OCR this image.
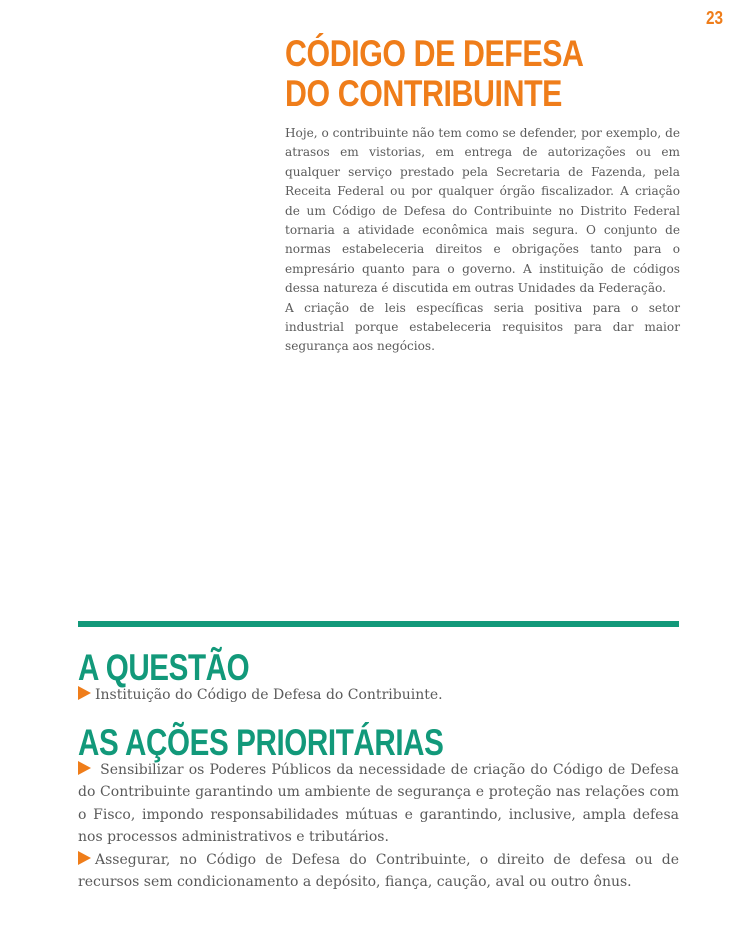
23
CÓDIGO DE DEFESA
DO CONTRIBUINTE

Hoje, o contribuinte não tem como se defender, por exemplo, de atrasos em vistorias, em entrega de autorizações ou em qualquer serviço prestado pela Secretaria de Fazenda, pela Receita Federal ou por qualquer órgão fiscalizador. A criação de um Código de Defesa do Contribuinte no Distrito Federal tornaria a atividade econômica mais segura. O conjunto de normas estabeleceria direitos e obrigações tanto para o empresário quanto para o governo. A instituição de códigos dessa natureza é discutida em outras Unidades da Federação.

A criação de leis específicas seria positiva para o setor industrial porque estabeleceria requisitos para dar maior segurança aos negócios.

A QUESTÃO

Instituição do Código de Defesa do Contribuinte.

AS AÇÕES PRIORITÁRIAS

Sensibilizar os Poderes Públicos da necessidade de criação do Código de Defesa do Contribuinte garantindo um ambiente de segurança e proteção nas relações com o Fisco, impondo responsabilidades mútuas e garantindo, inclusive, ampla defesa nos processos administrativos e tributários.

Assegurar, no Código de Defesa do Contribuinte, o direito de defesa ou de recursos sem condicionamento a depósito, fiança, caução, aval ou outro ônus.
